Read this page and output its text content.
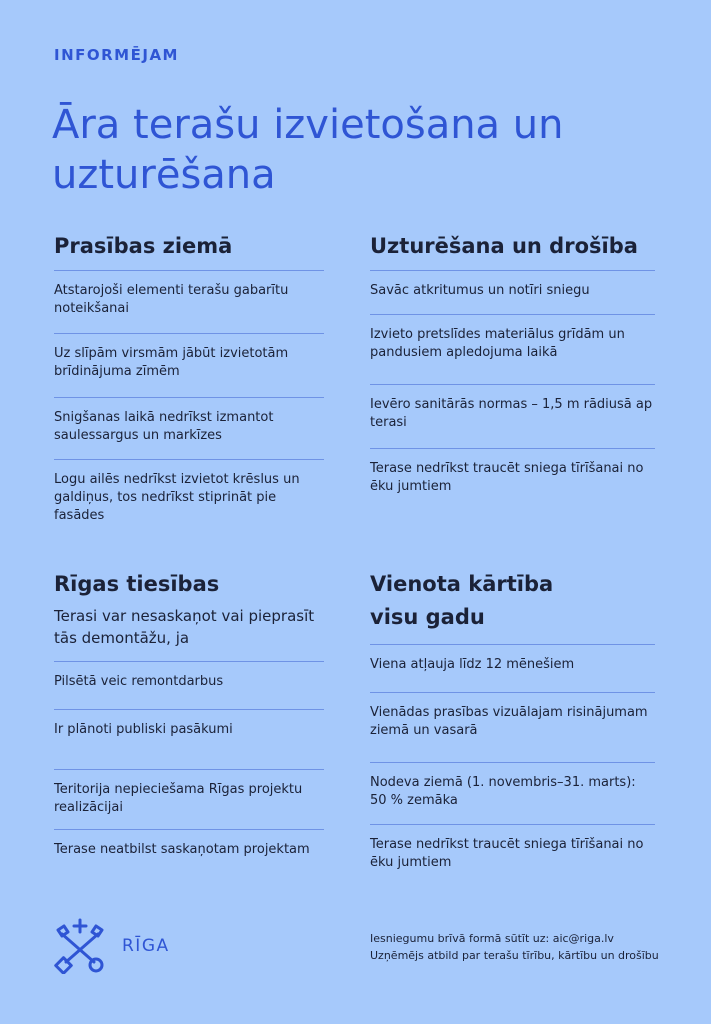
INFORMĒJAM
Āra terašu izvietošana un uzturēšana
Prasības ziemā
Atstarojoši elementi terašu gabarītu noteikšanai
Uz slīpām virsmām jābūt izvietotām brīdinājuma zīmēm
Snigšanas laikā nedrīkst izmantot saulessargus un markīzes
Logu ailēs nedrīkst izvietot krēslus un galdiņus, tos nedrīkst stiprināt pie fasādes
Uzturēšana un drošība
Savāc atkritumus un notīri sniegu
Izvieto pretslīdes materiālus grīdām un pandusiem apledojuma laikā
Ievēro sanitārās normas – 1,5 m rādiusā ap terasi
Terase nedrīkst traucēt sniega tīrīšanai no ēku jumtiem
Rīgas tiesības

Terasi var nesaskaņot vai pieprasīt tās demontāžu, ja

Pilsētā veic remontdarbus
Ir plānoti publiski pasākumi
Teritorija nepieciešama Rīgas projektu realizācijai
Terase neatbilst saskaņotam projektam
Vienota kārtība visu gadu
Viena atļauja līdz 12 mēnešiem
Vienādas prasības vizuālajam risinājumam ziemā un vasarā
Nodeva ziemā (1. novembris–31. marts): 50 % zemāka
Terase nedrīkst traucēt sniega tīrīšanai no ēku jumtiem
RĪGA	Iesniegumu brīvā formā sūtīt uz: aic@riga.lv
Uzņēmējs atbild par terašu tīrību, kārtību un drošību
